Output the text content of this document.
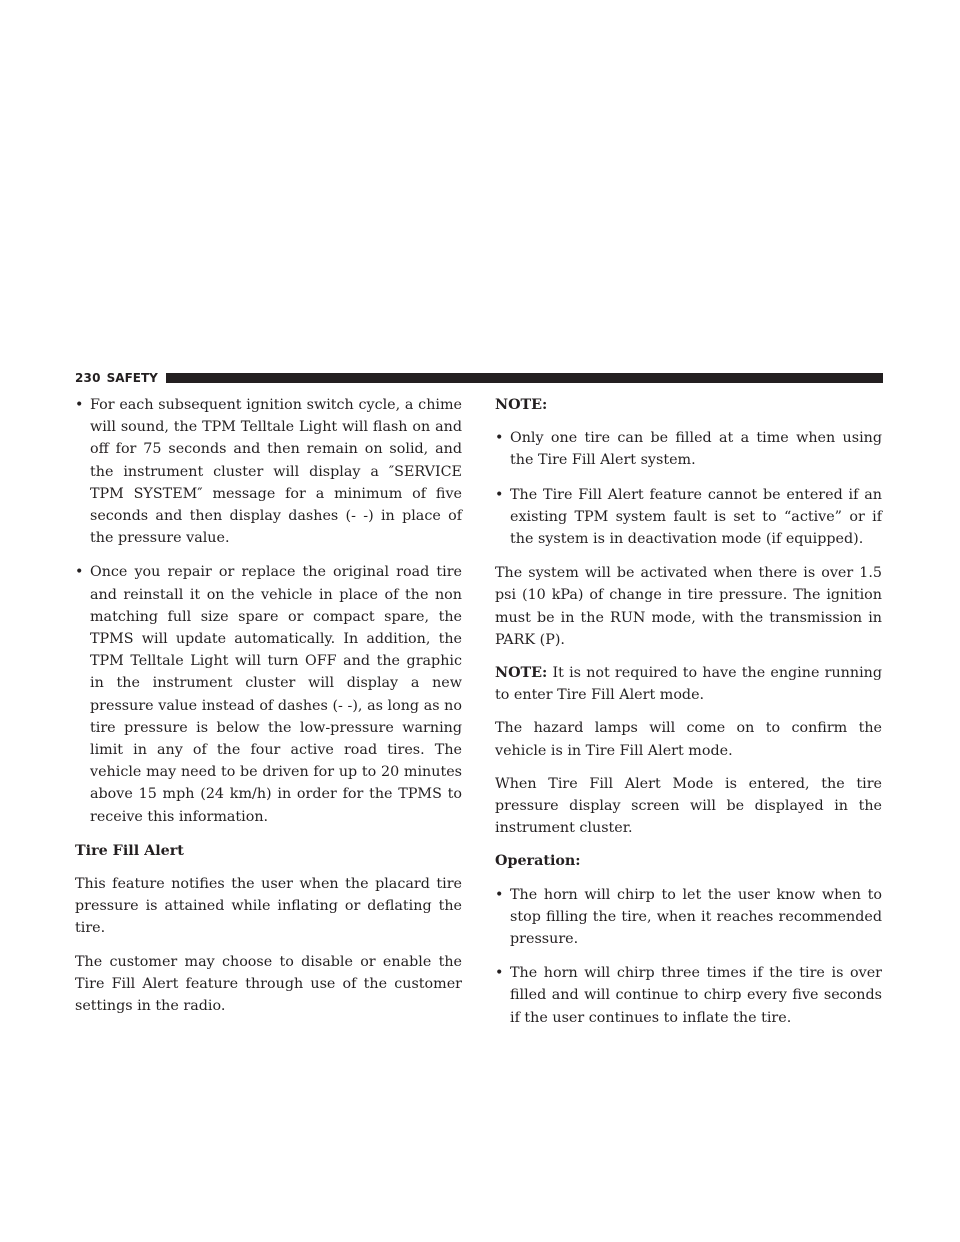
230 SAFETY
• For each subsequent ignition switch cycle, a chime will sound, the TPM Telltale Light will flash on and off for 75 seconds and then remain on solid, and the instrument cluster will display a ″SERVICE TPM SYSTEM″ message for a minimum of five seconds and then display dashes (- -) in place of the pressure value.
• Once you repair or replace the original road tire and reinstall it on the vehicle in place of the non matching full size spare or compact spare, the TPMS will update automatically. In addition, the TPM Telltale Light will turn OFF and the graphic in the instrument cluster will display a new pressure value instead of dashes (- -), as long as no tire pressure is below the low-pressure warning limit in any of the four active road tires. The vehicle may need to be driven for up to 20 minutes above 15 mph (24 km/h) in order for the TPMS to receive this information.
Tire Fill Alert

This feature notifies the user when the placard tire pressure is attained while inflating or deflating the tire.

The customer may choose to disable or enable the Tire Fill Alert feature through use of the customer settings in the radio.

NOTE:
• Only one tire can be filled at a time when using the Tire Fill Alert system.
• The Tire Fill Alert feature cannot be entered if an existing TPM system fault is set to “active” or if the system is in deactivation mode (if equipped).

The system will be activated when there is over 1.5 psi (10 kPa) of change in tire pressure. The ignition must be in the RUN mode, with the transmission in PARK (P).

NOTE: It is not required to have the engine running to enter Tire Fill Alert mode.

The hazard lamps will come on to confirm the vehicle is in Tire Fill Alert mode.

When Tire Fill Alert Mode is entered, the tire pressure display screen will be displayed in the instrument cluster.

Operation:
• The horn will chirp to let the user know when to stop filling the tire, when it reaches recommended pressure.
• The horn will chirp three times if the tire is over filled and will continue to chirp every five seconds if the user continues to inflate the tire.
